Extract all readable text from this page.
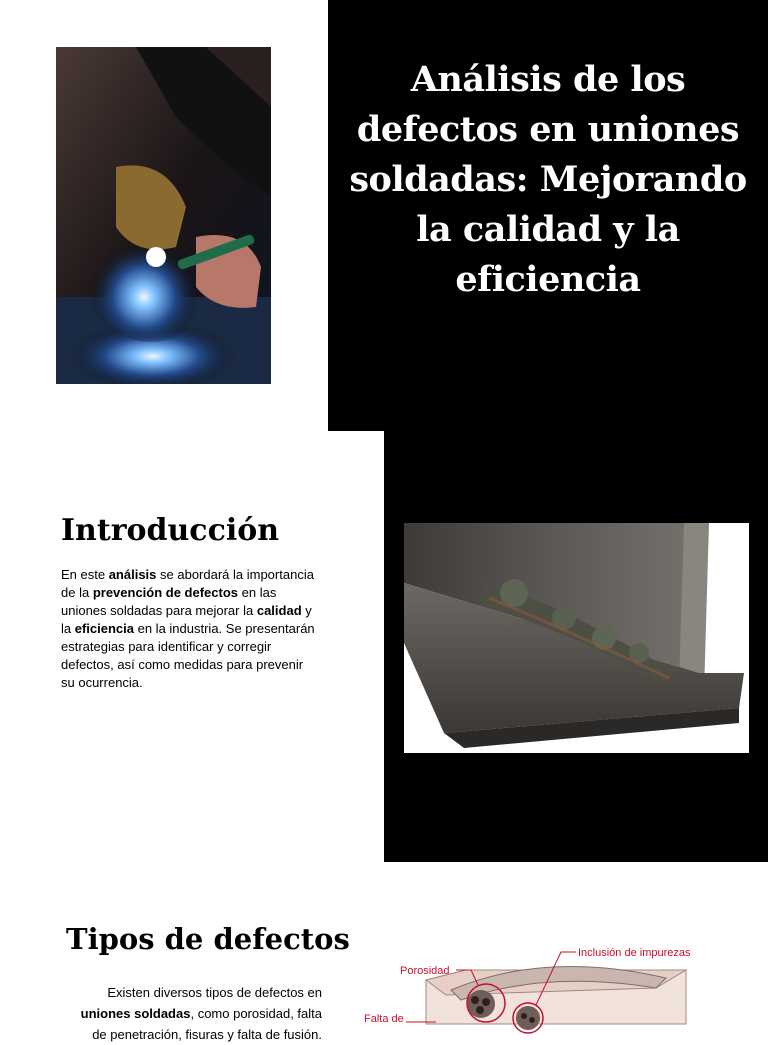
Análisis de los defectos en uniones soldadas: Mejorando la calidad y la eficiencia
Introducción

En este análisis se abordará la importancia de la prevención de defectos en las uniones soldadas para mejorar la calidad y la eficiencia en la industria. Se presentarán estrategias para identificar y corregir defectos, así como medidas para prevenir su ocurrencia.

Tipos de defectos

Existen diversos tipos de defectos en uniones soldadas, como porosidad, falta de penetración, fisuras y falta de fusión.

Porosidad
Inclusión de impurezas
Falta de
